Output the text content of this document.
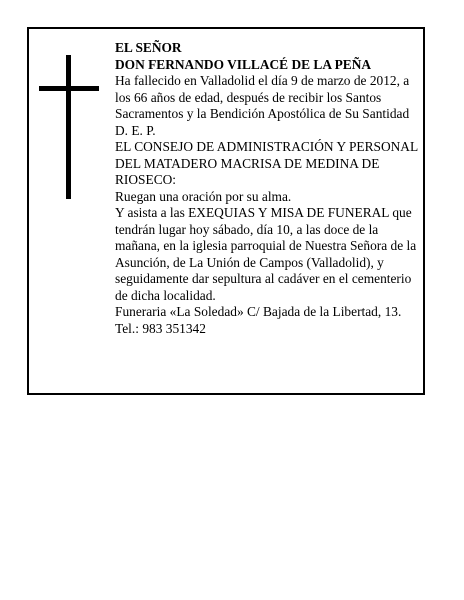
EL SEÑOR

DON FERNANDO VILLACÉ DE LA PEÑA

Ha fallecido en Valladolid el día 9 de marzo de 2012, a los 66 años de edad, después de recibir los Santos Sacramentos y la Bendición Apostólica de Su Santidad

D. E. P.

EL CONSEJO DE ADMINISTRACIÓN Y PERSONAL DEL MATADERO MACRISA DE MEDINA DE RIOSECO:

Ruegan una oración por su alma.

Y asista a las EXEQUIAS Y MISA DE FUNERAL que tendrán lugar hoy sábado, día 10, a las doce de la mañana, en la iglesia parroquial de Nuestra Señora de la Asunción, de La Unión de Campos (Valladolid), y seguidamente dar sepultura al cadáver en el cementerio de dicha localidad.

Funeraria «La Soledad» C/ Bajada de la Libertad, 13.

Tel.: 983 351342
